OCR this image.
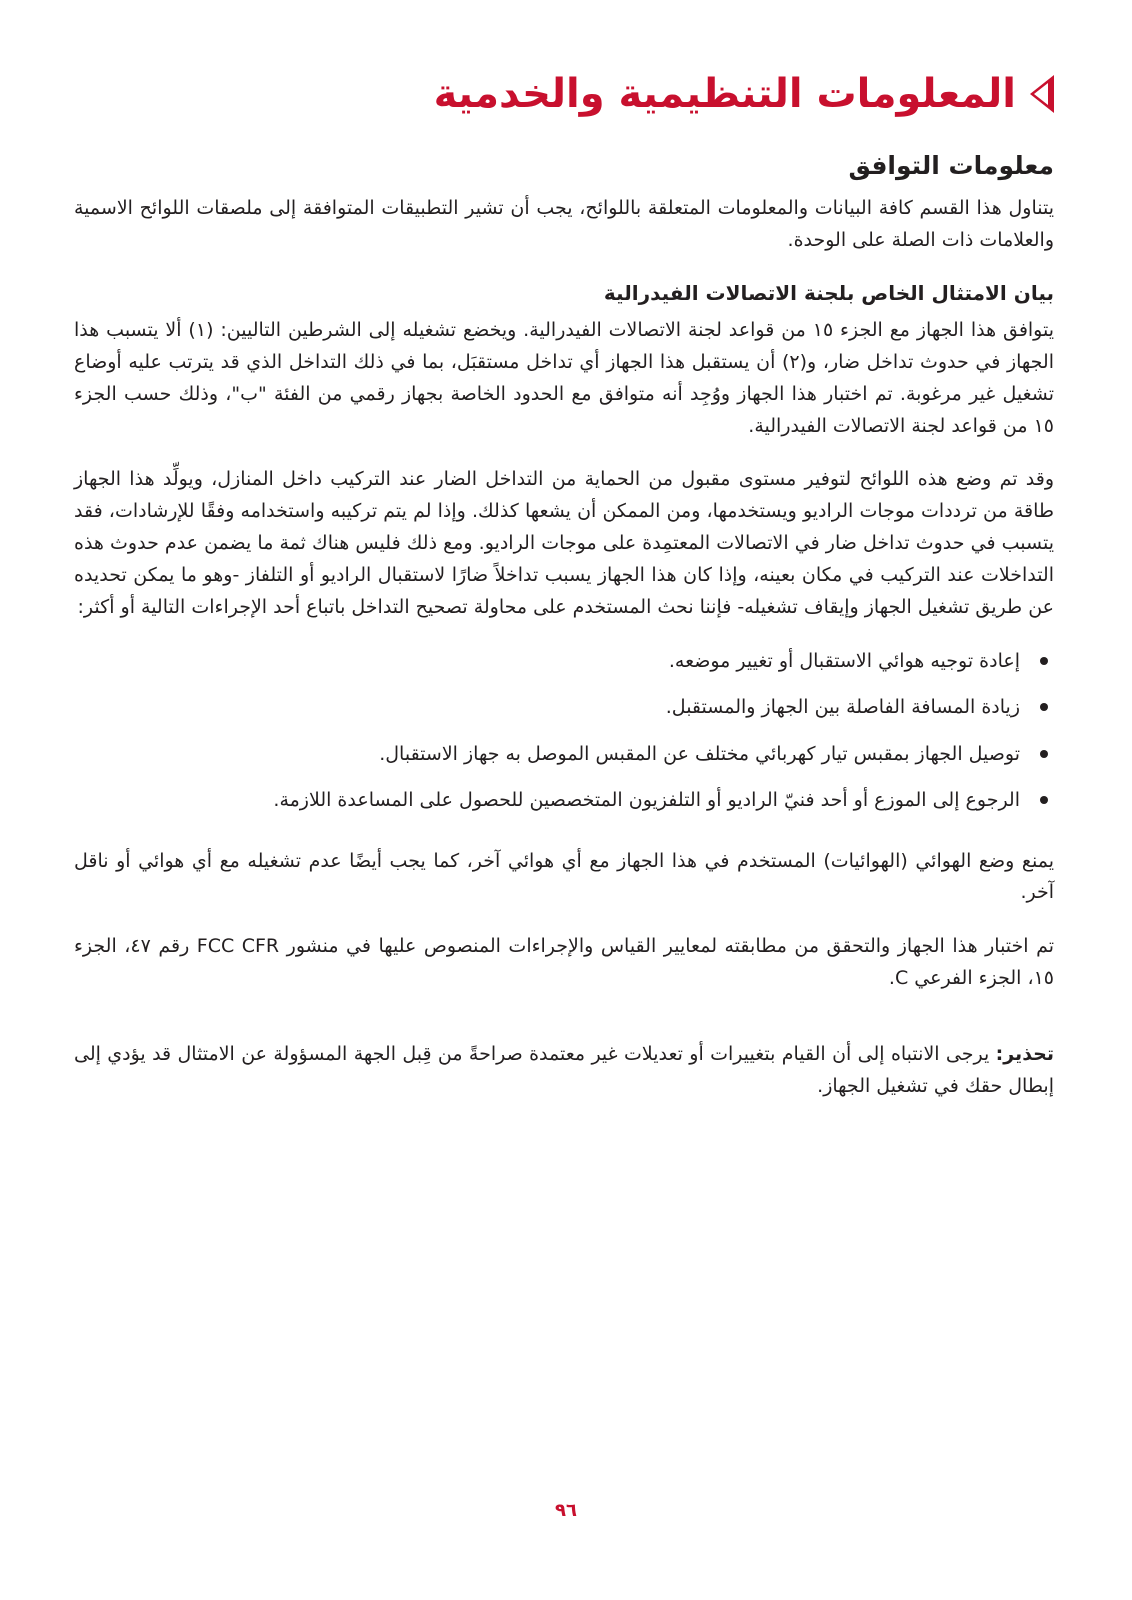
المعلومات التنظيمية والخدمية
معلومات التوافق

يتناول هذا القسم كافة البيانات والمعلومات المتعلقة باللوائح، يجب أن تشير التطبيقات المتوافقة إلى ملصقات اللوائح الاسمية والعلامات ذات الصلة على الوحدة.

بيان الامتثال الخاص بلجنة الاتصالات الفيدرالية

يتوافق هذا الجهاز مع الجزء ١٥ من قواعد لجنة الاتصالات الفيدرالية. ويخضع تشغيله إلى الشرطين التاليين: (١) ألا يتسبب هذا الجهاز في حدوث تداخل ضار، و(٢) أن يستقبل هذا الجهاز أي تداخل مستقبَل، بما في ذلك التداخل الذي قد يترتب عليه أوضاع تشغيل غير مرغوبة. تم اختبار هذا الجهاز ووُجِد أنه متوافق مع الحدود الخاصة بجهاز رقمي من الفئة "ب"، وذلك حسب الجزء ١٥ من قواعد لجنة الاتصالات الفيدرالية.

وقد تم وضع هذه اللوائح لتوفير مستوى مقبول من الحماية من التداخل الضار عند التركيب داخل المنازل، ويولِّد هذا الجهاز طاقة من ترددات موجات الراديو ويستخدمها، ومن الممكن أن يشعها كذلك. وإذا لم يتم تركيبه واستخدامه وفقًا للإرشادات، فقد يتسبب في حدوث تداخل ضار في الاتصالات المعتمِدة على موجات الراديو. ومع ذلك فليس هناك ثمة ما يضمن عدم حدوث هذه التداخلات عند التركيب في مكان بعينه، وإذا كان هذا الجهاز يسبب تداخلاً ضارًا لاستقبال الراديو أو التلفاز -وهو ما يمكن تحديده عن طريق تشغيل الجهاز وإيقاف تشغيله- فإننا نحث المستخدم على محاولة تصحيح التداخل باتباع أحد الإجراءات التالية أو أكثر:

إعادة توجيه هوائي الاستقبال أو تغيير موضعه.
زيادة المسافة الفاصلة بين الجهاز والمستقبل.
توصيل الجهاز بمقبس تيار كهربائي مختلف عن المقبس الموصل به جهاز الاستقبال.
الرجوع إلى الموزع أو أحد فنيّ الراديو أو التلفزيون المتخصصين للحصول على المساعدة اللازمة.

يمنع وضع الهوائي (الهوائيات) المستخدم في هذا الجهاز مع أي هوائي آخر، كما يجب أيضًا عدم تشغيله مع أي هوائي أو ناقل آخر.

تم اختبار هذا الجهاز والتحقق من مطابقته لمعايير القياس والإجراءات المنصوص عليها في منشور FCC CFR رقم ٤٧، الجزء ١٥، الجزء الفرعي C.

تحذير: يرجى الانتباه إلى أن القيام بتغييرات أو تعديلات غير معتمدة صراحةً من قِبل الجهة المسؤولة عن الامتثال قد يؤدي إلى إبطال حقك في تشغيل الجهاز.

٩٦
